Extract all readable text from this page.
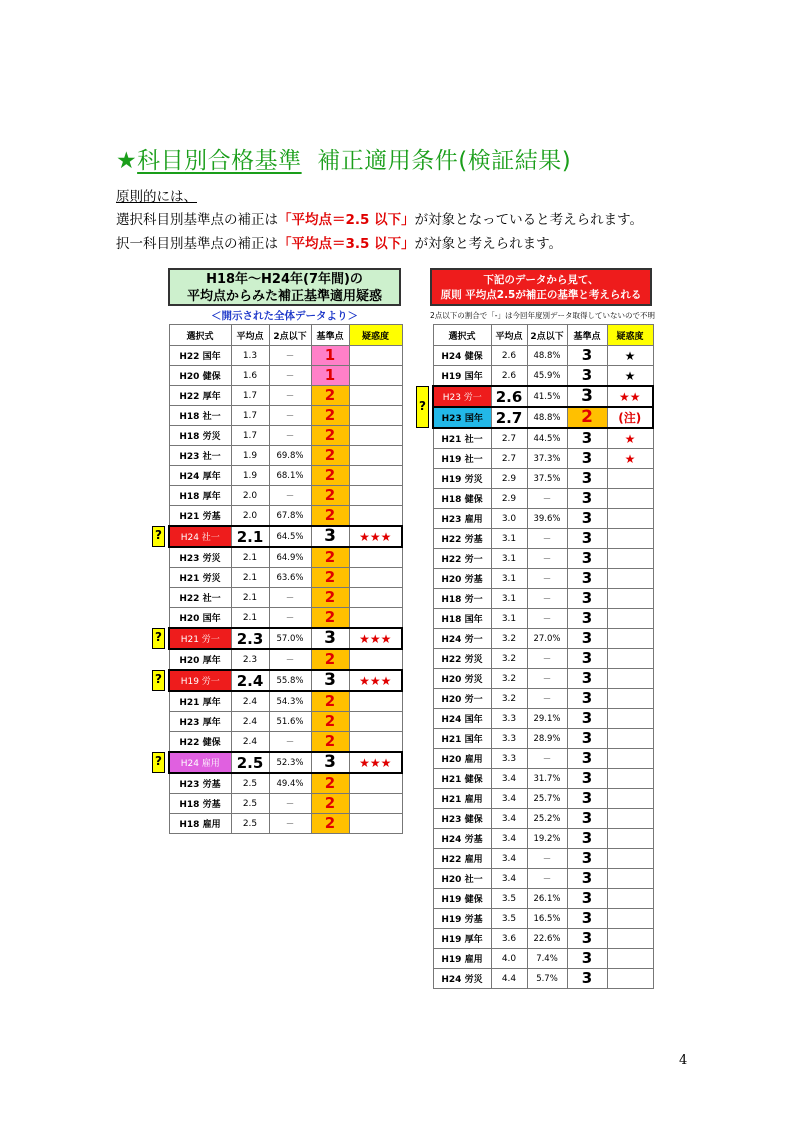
★科目別合格基準 補正適用条件(検証結果)
原則的には、
選択科目別基準点の補正は「平均点＝2.5 以下」が対象となっていると考えられます。
択一科目別基準点の補正は「平均点＝3.5 以下」が対象と考えられます。
H18年～H24年(7年間)の
平均点からみた補正基準適用疑惑
＜開示された全体データより＞
下記のデータから見て、
原則 平均点2.5が補正の基準と考えられる
2点以下の割合で「-」は今回年度別データ取得していないので不明
選択式	平均点	2点以下	基準点	疑惑度
H22 国年	1.3	－	1	
H20 健保	1.6	－	1	
H22 厚年	1.7	－	2	
H18 社一	1.7	－	2	
H18 労災	1.7	－	2	
H23 社一	1.9	69.8%	2	
H24 厚年	1.9	68.1%	2	
H18 厚年	2.0	－	2	
H21 労基	2.0	67.8%	2	
H24 社一	2.1	64.5%	3	★★★
H23 労災	2.1	64.9%	2	
H21 労災	2.1	63.6%	2	
H22 社一	2.1	－	2	
H20 国年	2.1	－	2	
H21 労一	2.3	57.0%	3	★★★
H20 厚年	2.3	－	2	
H19 労一	2.4	55.8%	3	★★★
H21 厚年	2.4	54.3%	2	
H23 厚年	2.4	51.6%	2	
H22 健保	2.4	－	2	
H24 雇用	2.5	52.3%	3	★★★
H23 労基	2.5	49.4%	2	
H18 労基	2.5	－	2	
H18 雇用	2.5	－	2	
選択式	平均点	2点以下	基準点	疑惑度
H24 健保	2.6	48.8%	3	★
H19 国年	2.6	45.9%	3	★
H23 労一	2.6	41.5%	3	★★
H23 国年	2.7	48.8%	2	(注)
H21 社一	2.7	44.5%	3	★
H19 社一	2.7	37.3%	3	★
H19 労災	2.9	37.5%	3	
H18 健保	2.9	－	3	
H23 雇用	3.0	39.6%	3	
H22 労基	3.1	－	3	
H22 労一	3.1	－	3	
H20 労基	3.1	－	3	
H18 労一	3.1	－	3	
H18 国年	3.1	－	3	
H24 労一	3.2	27.0%	3	
H22 労災	3.2	－	3	
H20 労災	3.2	－	3	
H20 労一	3.2	－	3	
H24 国年	3.3	29.1%	3	
H21 国年	3.3	28.9%	3	
H20 雇用	3.3	－	3	
H21 健保	3.4	31.7%	3	
H21 雇用	3.4	25.7%	3	
H23 健保	3.4	25.2%	3	
H24 労基	3.4	19.2%	3	
H22 雇用	3.4	－	3	
H20 社一	3.4	－	3	
H19 健保	3.5	26.1%	3	
H19 労基	3.5	16.5%	3	
H19 厚年	3.6	22.6%	3	
H19 雇用	4.0	7.4%	3	
H24 労災	4.4	5.7%	3	
?
?
?
?
?
4
